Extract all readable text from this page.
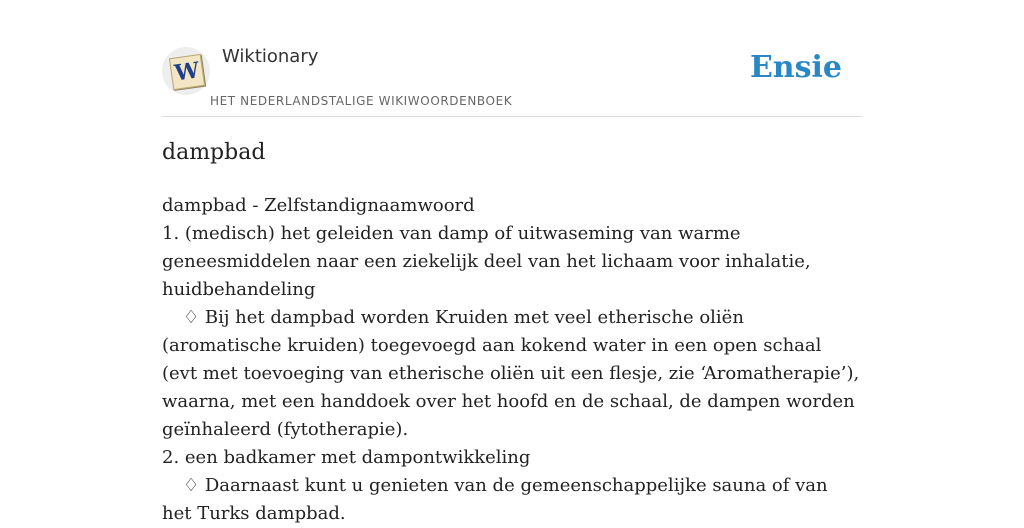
W
Wiktionary
HET NEDERLANDSTALIGE WIKIWOORDENBOEK
Ensie
dampbad

dampbad - Zelfstandignaamwoord

1. (medisch) het geleiden van damp of uitwaseming van warme geneesmiddelen naar een ziekelijk deel van het lichaam voor inhalatie, huidbehandeling

♢ Bij het dampbad worden Kruiden met veel etherische oliën (aromatische kruiden) toegevoegd aan kokend water in een open schaal (evt met toevoeging van etherische oliën uit een flesje, zie ‘Aromatherapie’), waarna, met een handdoek over het hoofd en de schaal, de dampen worden geïnhaleerd (fytotherapie).

2. een badkamer met dampontwikkeling

♢ Daarnaast kunt u genieten van de gemeenschappelijke sauna of van het Turks dampbad.
